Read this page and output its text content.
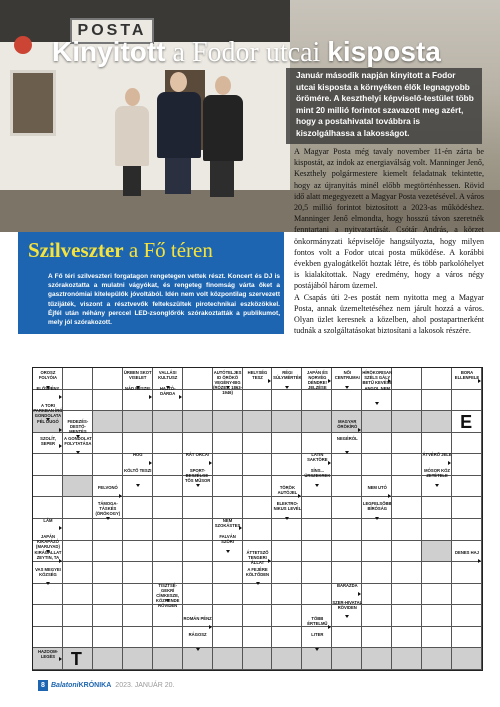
POSTA
Kinyitott a Fodor utcai kisposta
Január második napján kinyitott a Fodor utcai kisposta a környéken élők legnagyobb örömére. A keszthelyi képviselő-testület több mint 20 millió forintot szavazott meg azért, hogy a postahivatal továbbra is kiszolgálhassa a lakosságot.

A Magyar Posta még tavaly november 11-én zárta be kispostát, az indok az energiaválság volt. Manninger Jenő, Keszthely polgármestere kiemelt feladatnak tekintette, hogy az újranyitás minél előbb megtörténhessen. Rövid idő alatt megegyezett a Magyar Posta vezetésével. A város 20,5 millió forintot biztosított a 2023-as működéshez. Manninger Jenő elmondta, hogy hosszú távon szeretnék fenntartani a nyitvatartását. Csótár András, a körzet önkormányzati képviselője hangsúlyozta, hogy milyen fontos volt a Fodor utcai posta működése. A korábbi években gyalogátkelőt hoztak létre, és több parkolóhelyet is kialakítottak. Nagy eredmény, hogy a város négy postájából három üzemel.

A Csapás úti 2-es postát nem nyitotta meg a Magyar Posta, annak üzemeltetéséhez nem járult hozzá a város. Olyan üzlet keresnek a közelben, ahol postapartnerként tudnák a szolgáltatásokat biztosítani a lakosok részére.

Szilveszter a Fő téren
A Fő téri szilveszteri forgatagon rengetegen vettek részt. Koncert és DJ is szórakoztatta a mulatni vágyókat, és rengeteg finomság várta őket a gasztronómiai kitelepülők jóvoltából. Idén nem volt központilag szervezett tűzijáték, viszont a résztvevők feltekszültek pirotechnikai eszközökkel. Éjfél után néhány perccel LED-zsonglőrök szórakoztatták a publikumot, mely jól szórakozott.
OROSZ FOLYÓIA
ELŐSPÉNY
ÜRBEN SKOT VISELET
NÁD RÉSZE!
VALLÁSI KULTUSZ
HAJTÓ-DÁRDA
AUTÓTELJES ID ÖRÖKÖ VEGÉNY-BIG (RÓZES, 1863-1946)
HELYSÉG TESZ
RÉGI SÚLYMÉRTÉK
JAPÁN ÉS NORVÉG DÉNDRE! JELZÉSE
NŐI CENTRUMAI
HÍRÖKORISAN SZÉLS GÁLY BETŰ KEVÉSE
ANGOL NEM
BORA ELLENFELE
A TORI PARKBAN ÍRÓ GONDOLATA
FÉL DUGÓ	FEDEZÉS-DESTÖ-MENTÉS
SZOLÍT, SEPER
A GONDOLAT FOLYTATÁSA
MAGYAR ÖRÖKÍRÓ
NEGÉRÓL
HOG
KÖLTŐ TESZI
RÁT ORCA!
SPORT-BESZÉLGE-TŐS MŰSOR
LATIN SAKTÖRE
SÍNS... ÜRSZEKREK
ÁTVÉRŐ JELE
MÓSOR KÖZ ZETÉTELE
FELVONÓ
TÁMOGA-TÁSKÉS (ÖRÖKOGY)
TÖRÖK AUTÓJEL
ELEKTRO-NIKUS LEVÉL
NEM UTÓ
LEGFELSŐBB BÍRÓSÁG
LÁM
JAPÁN KIKAPÁZÓ (MARUYAD)
NEM SZOKÁSTES
FALVÁN SZÖRI
KIRÁGALLAT ZEYTIN, TA
VAS MEGYEI KÖZSÉG
ÁTTETSZŐ TENGERI ÁLLAT
A FEJÉRE KÖLTŐDEN
DENES HAJ
TISZTSÉ-GEKRÍ CÍMKESZE, KÖZRENDE RÖVIDEN
BARAZDA
SZER-HIVATAL RÖVIDEN
ROMÁN PÉNZ
RÁGOSZ
TÖBB ÉRTELMŰ
LITER
HAZOOM-LEGÉS
E
T
8 BalatoniKRÓNIKA 2023. JANUÁR 20.
